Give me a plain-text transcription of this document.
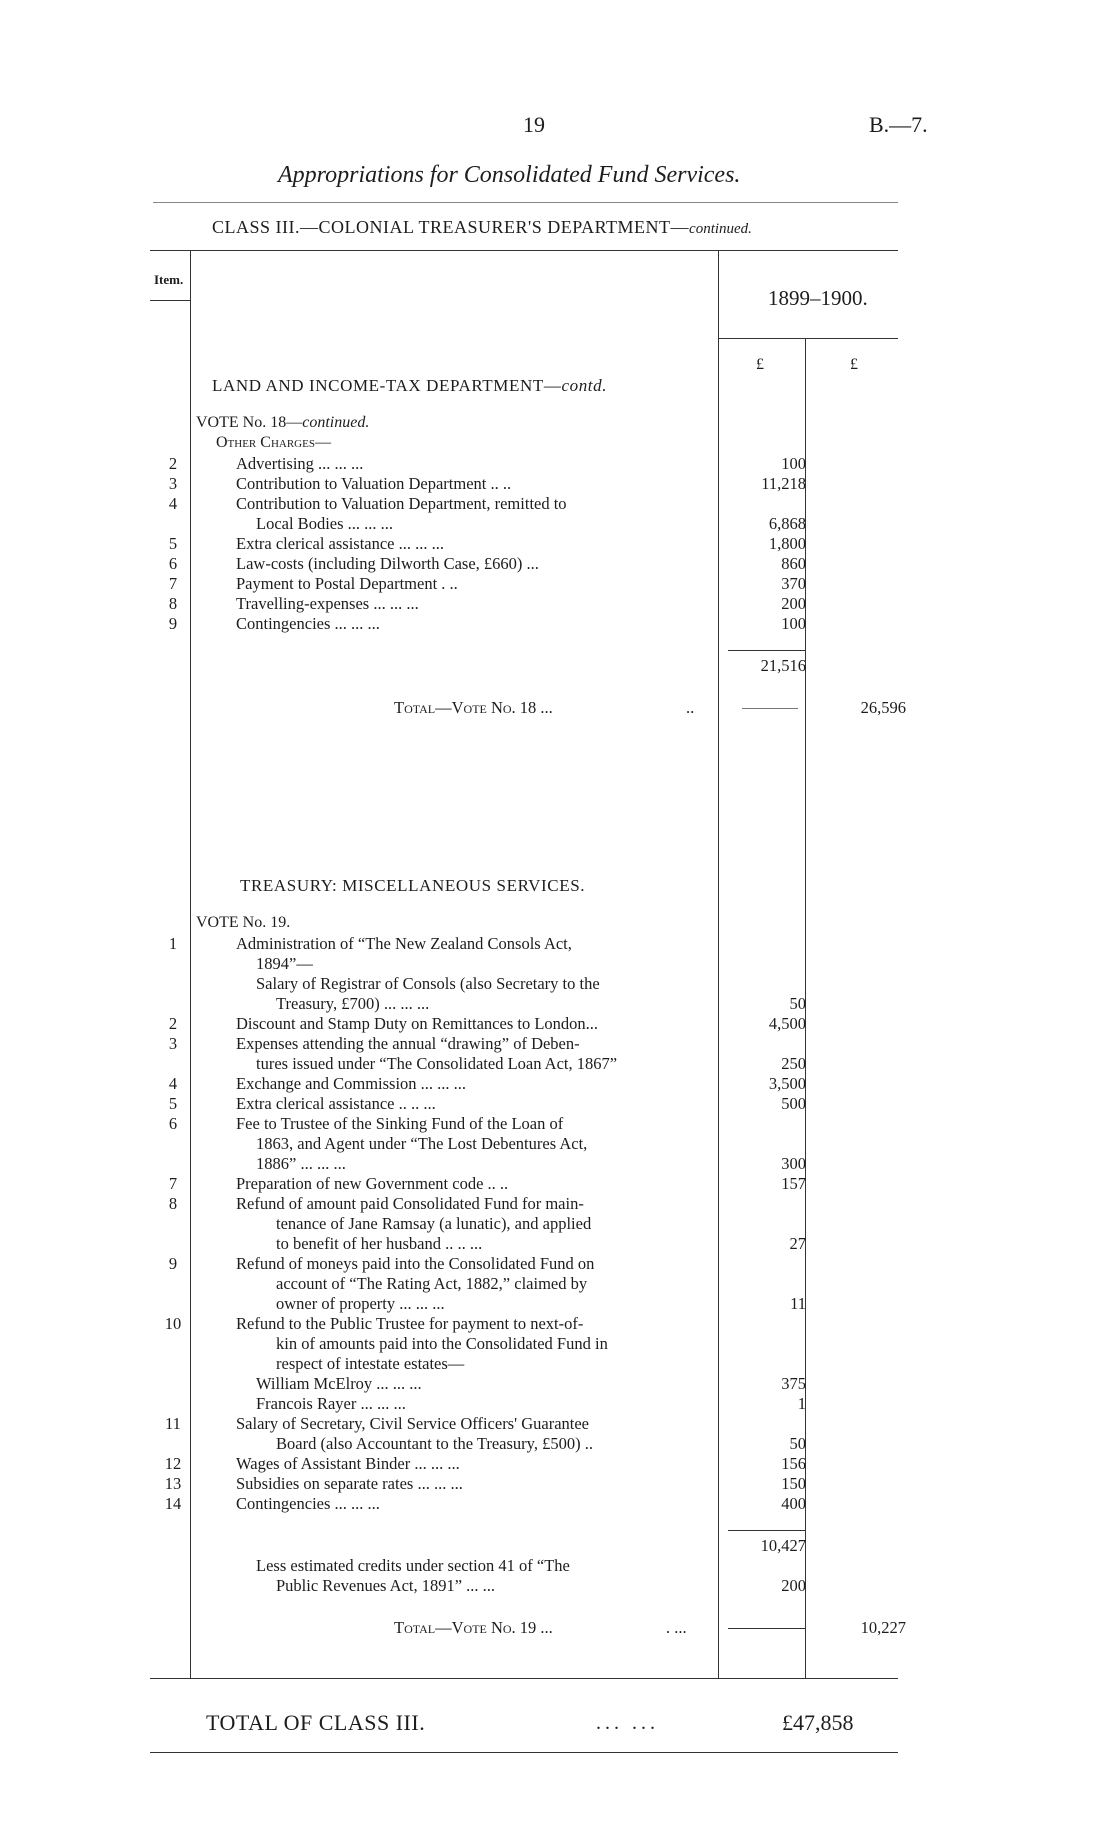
19	B.—7.
Appropriations for Consolidated Fund Services.
CLASS III.—COLONIAL TREASURER'S DEPARTMENT—continued.
Item.
1899–1900.
£	£
LAND AND INCOME-TAX DEPARTMENT—contd.
VOTE No. 18—continued.
Other Charges—
2	Advertising ... ... ...	100
3	Contribution to Valuation Department .. ..	11,218
4	Contribution to Valuation Department, remitted to
Local Bodies ... ... ...	6,868
5	Extra clerical assistance ... ... ...	1,800
6	Law-costs (including Dilworth Case, £660) ...	860
7	Payment to Postal Department . ..	370
8	Travelling-expenses ... ... ...	200
9	Contingencies ... ... ...	100
21,516
Total—Vote No. 18 ...	..	26,596
TREASURY: MISCELLANEOUS SERVICES.
VOTE No. 19.
1	Administration of “The New Zealand Consols Act,
1894”—
Salary of Registrar of Consols (also Secretary to the
Treasury, £700) ... ... ...	50
2	Discount and Stamp Duty on Remittances to London...	4,500
3	Expenses attending the annual “drawing” of Deben-
tures issued under “The Consolidated Loan Act, 1867”	250
4	Exchange and Commission ... ... ...	3,500
5	Extra clerical assistance .. .. ...	500
6	Fee to Trustee of the Sinking Fund of the Loan of
1863, and Agent under “The Lost Debentures Act,
1886” ... ... ...	300
7	Preparation of new Government code .. ..	157
8	Refund of amount paid Consolidated Fund for main-
tenance of Jane Ramsay (a lunatic), and applied
to benefit of her husband .. .. ...	27
9	Refund of moneys paid into the Consolidated Fund on
account of “The Rating Act, 1882,” claimed by
owner of property ... ... ...	11
10	Refund to the Public Trustee for payment to next-of-
kin of amounts paid into the Consolidated Fund in
respect of intestate estates—
William McElroy ... ... ...	375
Francois Rayer ... ... ...	1
11	Salary of Secretary, Civil Service Officers' Guarantee
Board (also Accountant to the Treasury, £500) ..	50
12	Wages of Assistant Binder ... ... ...	156
13	Subsidies on separate rates ... ... ...	150
14	Contingencies ... ... ...	400
10,427
Less estimated credits under section 41 of “The
Public Revenues Act, 1891” ... ...	200
Total—Vote No. 19 ...	. ...	10,227
TOTAL OF CLASS III.	... ...	£47,858
